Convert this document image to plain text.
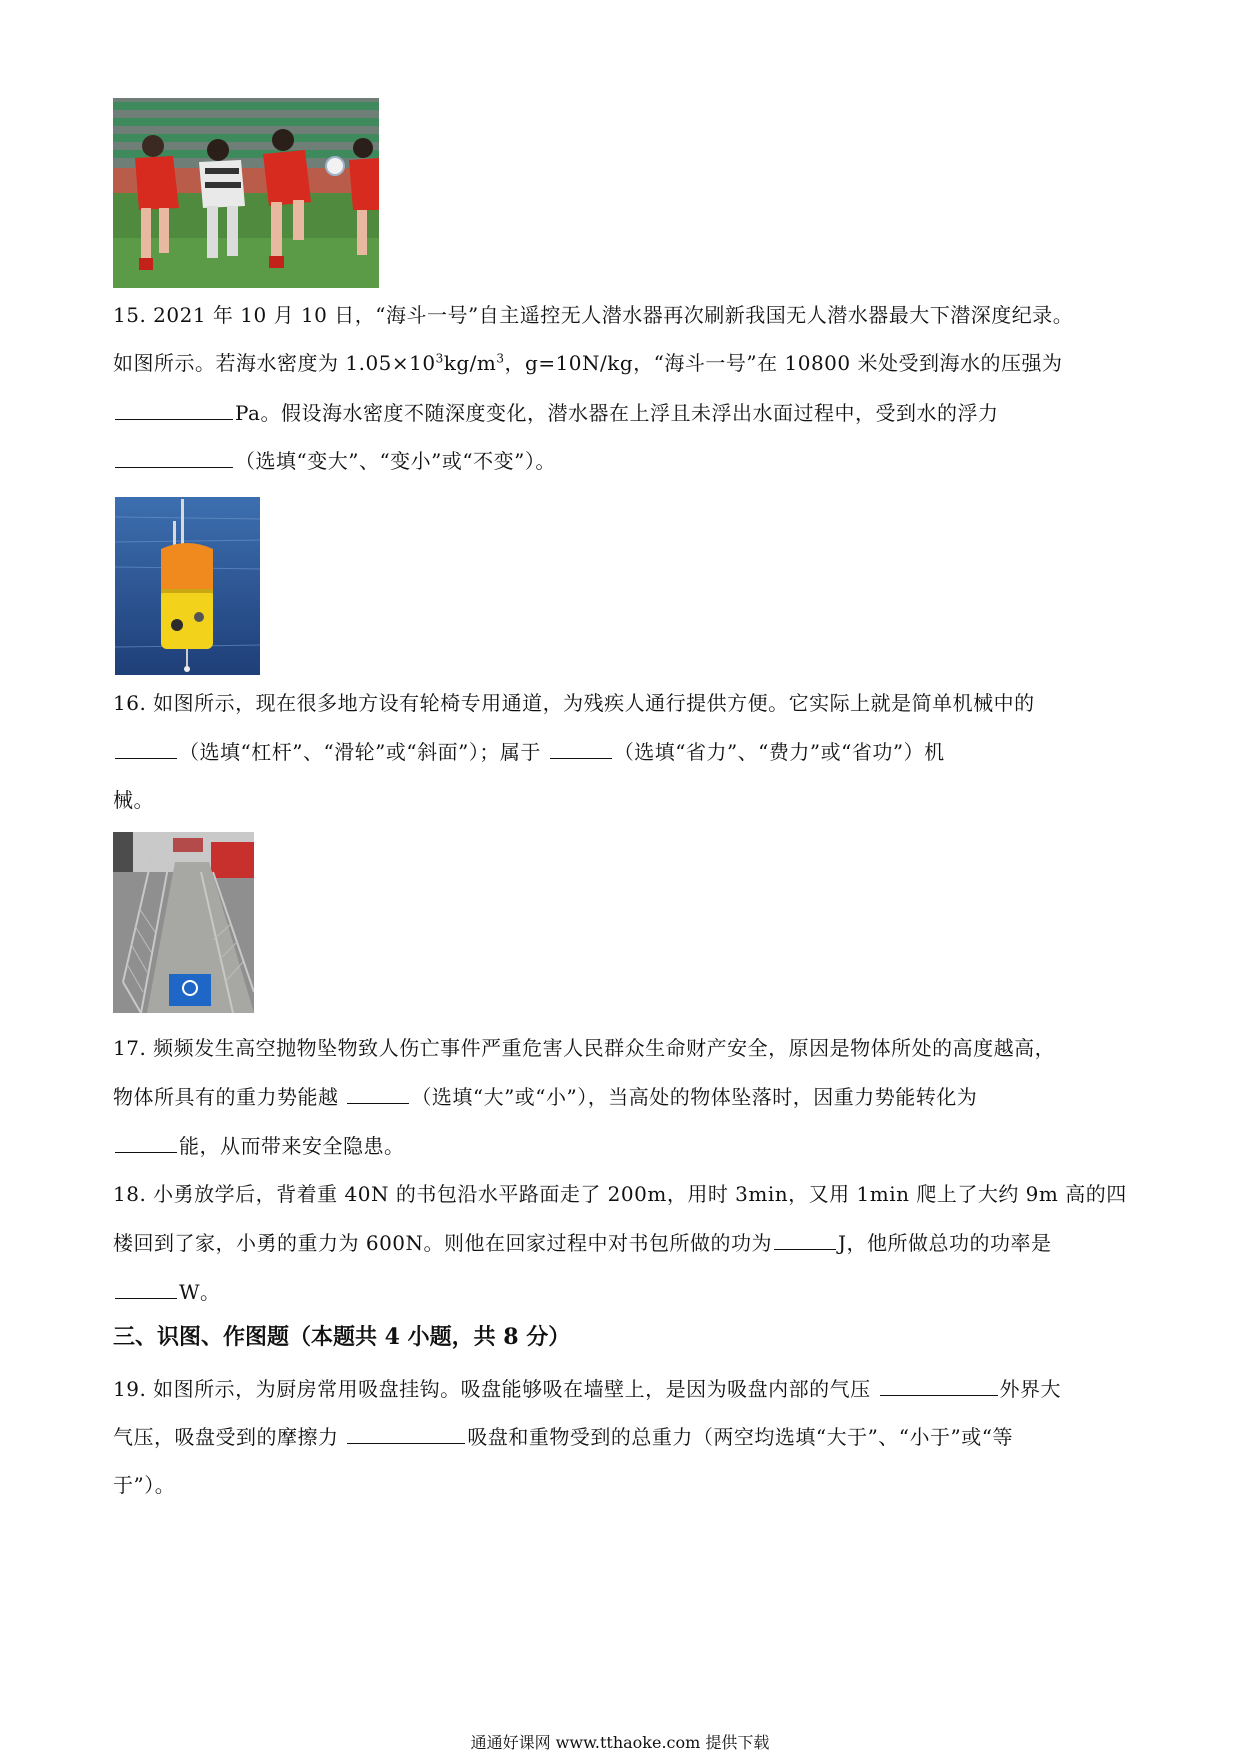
15. 2021 年 10 月 10 日，“海斗一号”自主遥控无人潜水器再次刷新我国无人潜水器最大下潜深度纪录。
如图所示。若海水密度为 $1.05\times 10^3kg/m^3$，g=10N/kg，“海斗一号”在 10800 米处受到海水的压强为
Pa。假设海水密度不随深度变化，潜水器在上浮且未浮出水面过程中，受到水的浮力
（选填“变大”、“变小”或“不变”）。
16. 如图所示，现在很多地方设有轮椅专用通道，为残疾人通行提供方便。它实际上就是简单机械中的
（选填“杠杆”、“滑轮”或“斜面”）；属于	（选填“省力”、“费力”或“省功”）机
械。
17. 频频发生高空抛物坠物致人伤亡事件严重危害人民群众生命财产安全，原因是物体所处的高度越高，
物体所具有的重力势能越	（选填“大”或“小”），当高处的物体坠落时，因重力势能转化为
能，从而带来安全隐患。
18. 小勇放学后，背着重 40N 的书包沿水平路面走了 200m，用时 3min，又用 1min 爬上了大约 9m 高的四
楼回到了家，小勇的重力为 600N。则他在回家过程中对书包所做的功为	J，他所做总功的功率是
W。
三、识图、作图题（本题共 4 小题，共 8 分）
19. 如图所示，为厨房常用吸盘挂钩。吸盘能够吸在墙壁上，是因为吸盘内部的气压	外界大
气压，吸盘受到的摩擦力	吸盘和重物受到的总重力（两空均选填“大于”、“小于”或“等
于”）。
通通好课网 www.tthaoke.com 提供下载
